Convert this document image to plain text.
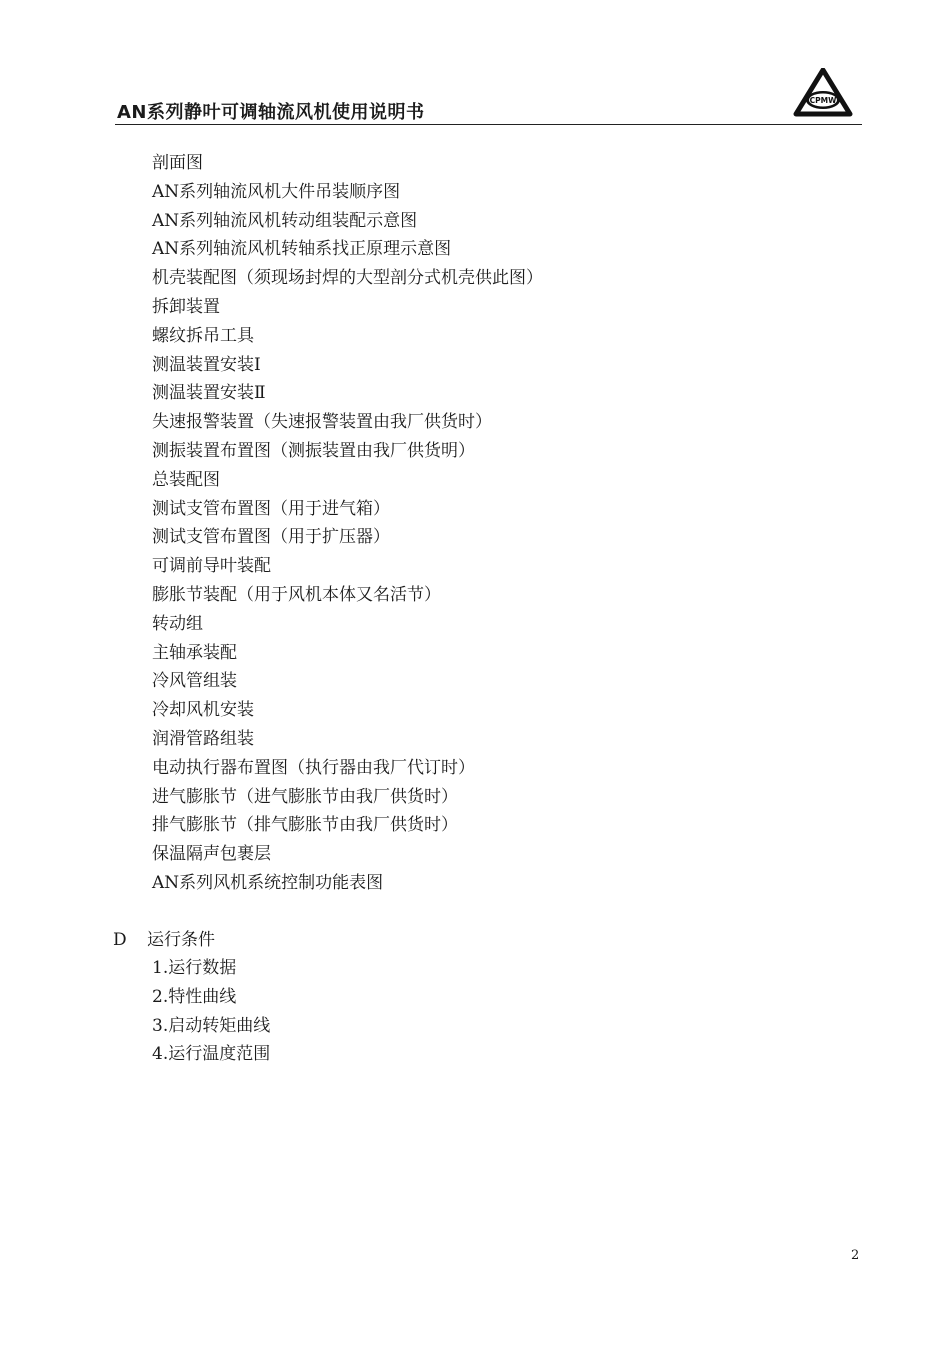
AN系列静叶可调轴流风机使用说明书
CPMW
剖面图
AN系列轴流风机大件吊装顺序图
AN系列轴流风机转动组装配示意图
AN系列轴流风机转轴系找正原理示意图
机壳装配图（须现场封焊的大型剖分式机壳供此图）
拆卸装置
螺纹拆吊工具
测温装置安装Ⅰ
测温装置安装Ⅱ
失速报警装置（失速报警装置由我厂供货时）
测振装置布置图（测振装置由我厂供货明）
总装配图
测试支管布置图（用于进气箱）
测试支管布置图（用于扩压器）
可调前导叶装配
膨胀节装配（用于风机本体又名活节）
转动组
主轴承装配
冷风管组装
冷却风机安装
润滑管路组装
电动执行器布置图（执行器由我厂代订时）
进气膨胀节（进气膨胀节由我厂供货时）
排气膨胀节（排气膨胀节由我厂供货时）
保温隔声包裹层
AN系列风机系统控制功能表图
D 运行条件
1.运行数据
2.特性曲线
3.启动转矩曲线
4.运行温度范围
2
